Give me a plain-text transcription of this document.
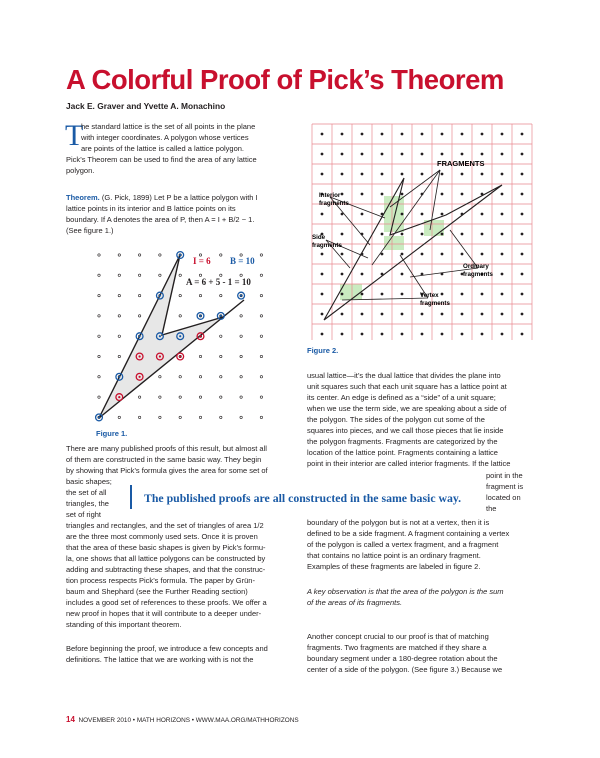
A Colorful Proof of Pick’s Theorem
Jack E. Graver and Yvette A. Monachino
T
he standard lattice is the set of all points in the plane
with integer coordinates. A polygon whose vertices
are points of the lattice is called a lattice polygon.
Pick’s Theorem can be used to find the area of any lattice
polygon.
Theorem. (G. Pick, 1899) Let P be a lattice polygon with I
lattice points in its interior and B lattice points on its
boundary. If A denotes the area of P, then A = I + B/2 − 1.
(See figure 1.)
I = 6 B = 10
A = 6 + 5 - 1 = 10
Figure 1.
FRAGMENTS
Interior
fragments
Side
fragments
Ordinary
fragments
Vertex
fragments
Figure 2.
There are many published proofs of this result, but almost all
of them are constructed in the same basic way. They begin
by showing that Pick’s formula gives the area for some set of
basic shapes;
the set of all
triangles, the
set of right
triangles and rectangles, and the set of triangles of area 1/2
are the three most commonly used sets. Once it is proven
that the area of these basic shapes is given by Pick’s formu-
la, one shows that all lattice polygons can be constructed by
adding and subtracting these shapes, and that the construc-
tion process respects Pick’s formula. The paper by Grün-
baum and Shephard (see the Further Reading section)
includes a good set of references to these proofs. We offer a
new proof in hopes that it will contribute to a deeper under-
standing of this important theorem.
Before beginning the proof, we introduce a few concepts and
definitions. The lattice that we are working with is not the
The published proofs are all constructed in the same basic way.
usual lattice—it’s the dual lattice that divides the plane into
unit squares such that each unit square has a lattice point at
its center. An edge is defined as a “side” of a unit square;
when we use the term side, we are speaking about a side of
the polygon. The sides of the polygon cut some of the
squares into pieces, and we call those pieces that lie inside
the polygon fragments. Fragments are categorized by the
location of the lattice point. Fragments containing a lattice
point in their interior are called interior fragments. If the lattice
point in the
fragment is
located on
the
boundary of the polygon but is not at a vertex, then it is
defined to be a side fragment. A fragment containing a vertex
of the polygon is called a vertex fragment, and a fragment
that contains no lattice point is an ordinary fragment.
Examples of these fragments are labeled in figure 2.
A key observation is that the area of the polygon is the sum
of the areas of its fragments.
Another concept crucial to our proof is that of matching
fragments. Two fragments are matched if they share a
boundary segment under a 180-degree rotation about the
center of a side of the polygon. (See figure 3.) Because we
14 NOVEMBER 2010 • MATH HORIZONS • WWW.MAA.ORG/MATHHORIZONS
